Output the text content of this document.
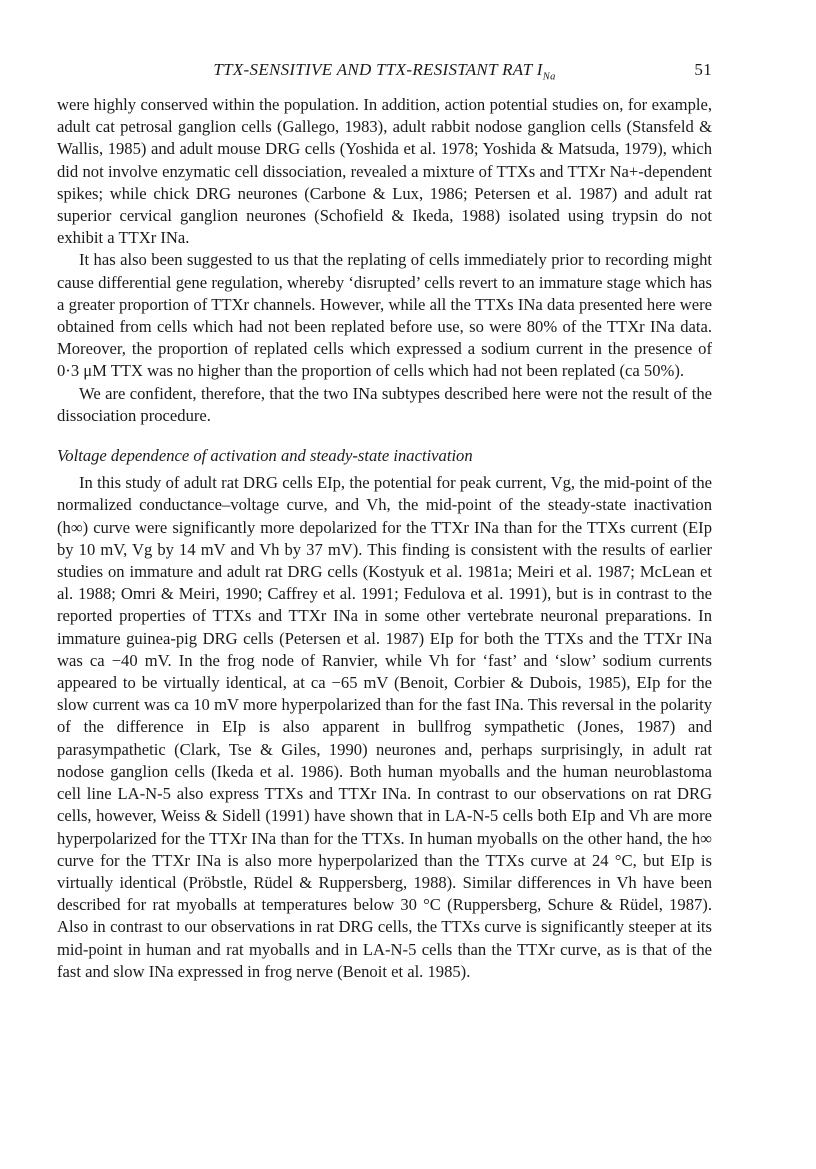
TTX-SENSITIVE AND TTX-RESISTANT RAT $I_{Na}$	51

were highly conserved within the population. In addition, action potential studies on, for example, adult cat petrosal ganglion cells (Gallego, 1983), adult rabbit nodose ganglion cells (Stansfeld & Wallis, 1985) and adult mouse DRG cells (Yoshida et al. 1978; Yoshida & Matsuda, 1979), which did not involve enzymatic cell dissociation, revealed a mixture of TTXs and TTXr Na+-dependent spikes; while chick DRG neurones (Carbone & Lux, 1986; Petersen et al. 1987) and adult rat superior cervical ganglion neurones (Schofield & Ikeda, 1988) isolated using trypsin do not exhibit a TTXr INa.

It has also been suggested to us that the replating of cells immediately prior to recording might cause differential gene regulation, whereby ‘disrupted’ cells revert to an immature stage which has a greater proportion of TTXr channels. However, while all the TTXs INa data presented here were obtained from cells which had not been replated before use, so were 80% of the TTXr INa data. Moreover, the proportion of replated cells which expressed a sodium current in the presence of 0·3 μM TTX was no higher than the proportion of cells which had not been replated (ca 50%).

We are confident, therefore, that the two INa subtypes described here were not the result of the dissociation procedure.

Voltage dependence of activation and steady-state inactivation

In this study of adult rat DRG cells EIp, the potential for peak current, Vg, the mid-point of the normalized conductance–voltage curve, and Vh, the mid-point of the steady-state inactivation (h∞) curve were significantly more depolarized for the TTXr INa than for the TTXs current (EIp by 10 mV, Vg by 14 mV and Vh by 37 mV). This finding is consistent with the results of earlier studies on immature and adult rat DRG cells (Kostyuk et al. 1981a; Meiri et al. 1987; McLean et al. 1988; Omri & Meiri, 1990; Caffrey et al. 1991; Fedulova et al. 1991), but is in contrast to the reported properties of TTXs and TTXr INa in some other vertebrate neuronal preparations. In immature guinea-pig DRG cells (Petersen et al. 1987) EIp for both the TTXs and the TTXr INa was ca −40 mV. In the frog node of Ranvier, while Vh for ‘fast’ and ‘slow’ sodium currents appeared to be virtually identical, at ca −65 mV (Benoit, Corbier & Dubois, 1985), EIp for the slow current was ca 10 mV more hyperpolarized than for the fast INa. This reversal in the polarity of the difference in EIp is also apparent in bullfrog sympathetic (Jones, 1987) and parasympathetic (Clark, Tse & Giles, 1990) neurones and, perhaps surprisingly, in adult rat nodose ganglion cells (Ikeda et al. 1986). Both human myoballs and the human neuroblastoma cell line LA-N-5 also express TTXs and TTXr INa. In contrast to our observations on rat DRG cells, however, Weiss & Sidell (1991) have shown that in LA-N-5 cells both EIp and Vh are more hyperpolarized for the TTXr INa than for the TTXs. In human myoballs on the other hand, the h∞ curve for the TTXr INa is also more hyperpolarized than the TTXs curve at 24 °C, but EIp is virtually identical (Pröbstle, Rüdel & Ruppersberg, 1988). Similar differences in Vh have been described for rat myoballs at temperatures below 30 °C (Ruppersberg, Schure & Rüdel, 1987). Also in contrast to our observations in rat DRG cells, the TTXs curve is significantly steeper at its mid-point in human and rat myoballs and in LA-N-5 cells than the TTXr curve, as is that of the fast and slow INa expressed in frog nerve (Benoit et al. 1985).
